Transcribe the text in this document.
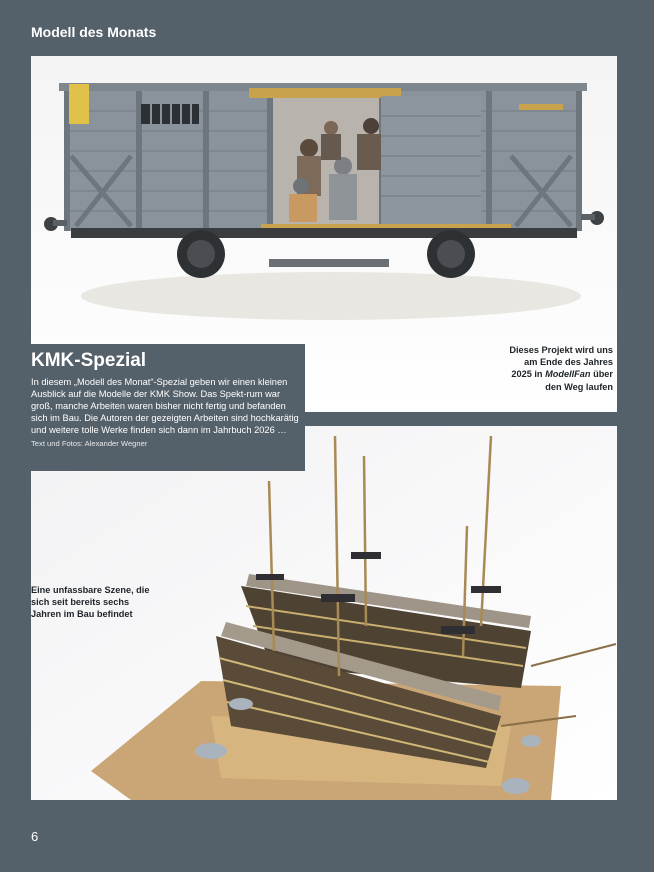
Modell des Monats
KMK-Spezial

In diesem „Modell des Monat“-Spezial geben wir einen kleinen Ausblick auf die Modelle der KMK Show. Das Spekt-rum war groß, manche Arbeiten waren bisher nicht fertig und befanden sich im Bau. Die Autoren der gezeigten Arbeiten sind hochkarätig und weitere tolle Werke finden sich dann im Jahrbuch 2026 …

Text und Fotos: Alexander Wegner

Dieses Projekt wird uns am Ende des Jahres 2025 in ModellFan über den Weg laufen
Eine unfassbare Szene, die sich seit bereits sechs Jahren im Bau befindet
6
